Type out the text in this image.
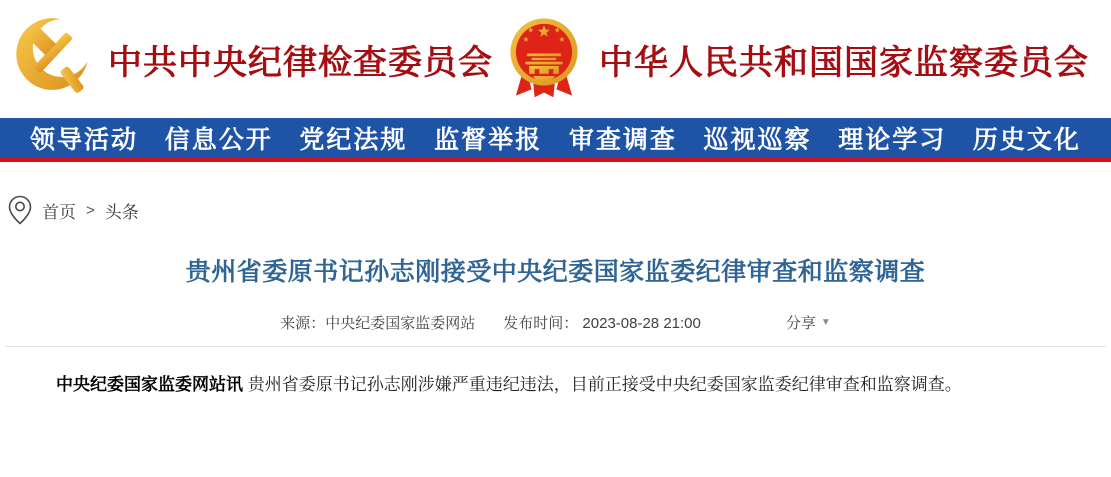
中共中央纪律检查委员会	中华人民共和国国家监察委员会
领导活动 信息公开 党纪法规 监督举报 审查调查 巡视巡察 理论学习 历史文化
首页 > 头条
贵州省委原书记孙志刚接受中央纪委国家监委纪律审查和监察调查
来源：中央纪委国家监委网站 发布时间： 2023-08-28 21:00	分享 ▼

中央纪委国家监委网站讯 贵州省委原书记孙志刚涉嫌严重违纪违法，目前正接受中央纪委国家监委纪律审查和监察调查。
